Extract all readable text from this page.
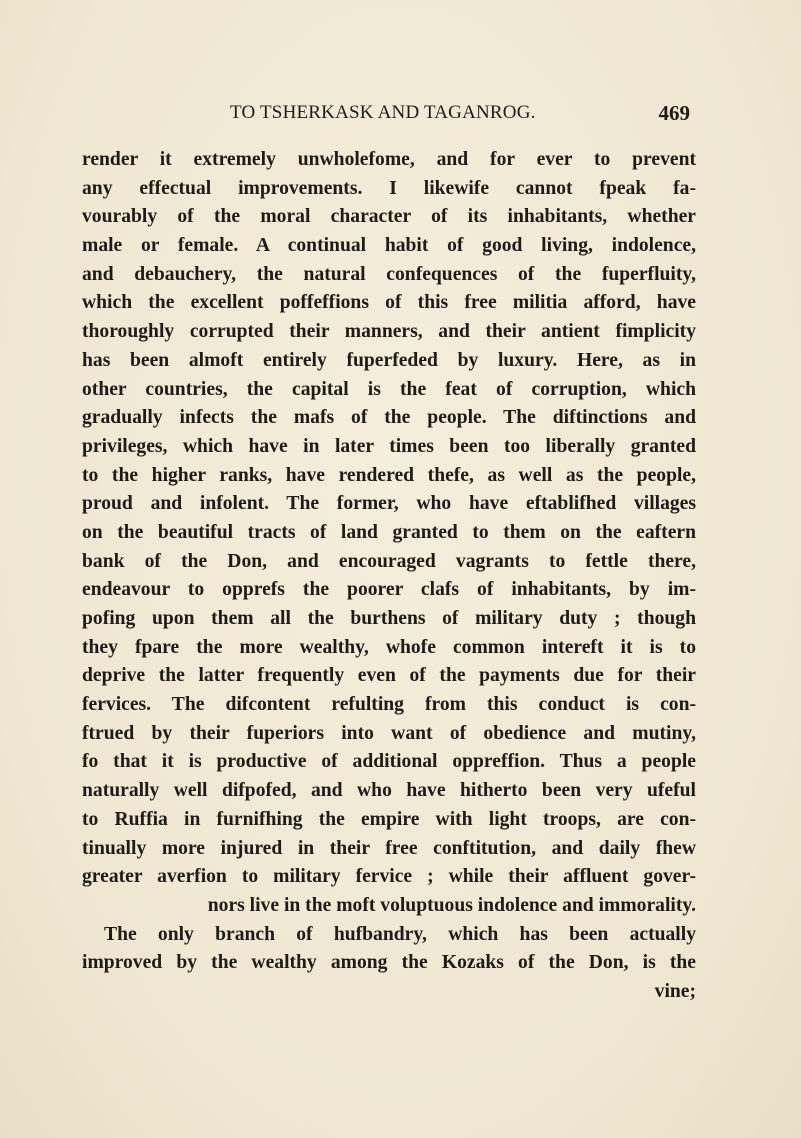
TO TSHERKASK AND TAGANROG.	469
render it extremely unwholefome, and for ever to prevent
any effectual improvements. I likewife cannot fpeak fa-
vourably of the moral character of its inhabitants, whether
male or female. A continual habit of good living, indolence,
and debauchery, the natural confequences of the fuperfluity,
which the excellent poffeffions of this free militia afford, have
thoroughly corrupted their manners, and their antient fimplicity
has been almoft entirely fuperfeded by luxury. Here, as in
other countries, the capital is the feat of corruption, which
gradually infects the mafs of the people. The diftinctions and
privileges, which have in later times been too liberally granted
to the higher ranks, have rendered thefe, as well as the people,
proud and infolent. The former, who have eftablifhed villages
on the beautiful tracts of land granted to them on the eaftern
bank of the Don, and encouraged vagrants to fettle there,
endeavour to opprefs the poorer clafs of inhabitants, by im-
pofing upon them all the burthens of military duty ; though
they fpare the more wealthy, whofe common intereft it is to
deprive the latter frequently even of the payments due for their
fervices. The difcontent refulting from this conduct is con-
ftrued by their fuperiors into want of obedience and mutiny,
fo that it is productive of additional oppreffion. Thus a people
naturally well difpofed, and who have hitherto been very ufeful
to Ruffia in furnifhing the empire with light troops, are con-
tinually more injured in their free conftitution, and daily fhew
greater averfion to military fervice ; while their affluent gover-
nors live in the moft voluptuous indolence and immorality.
The only branch of hufbandry, which has been actually
improved by the wealthy among the Kozaks of the Don, is the
vine;
